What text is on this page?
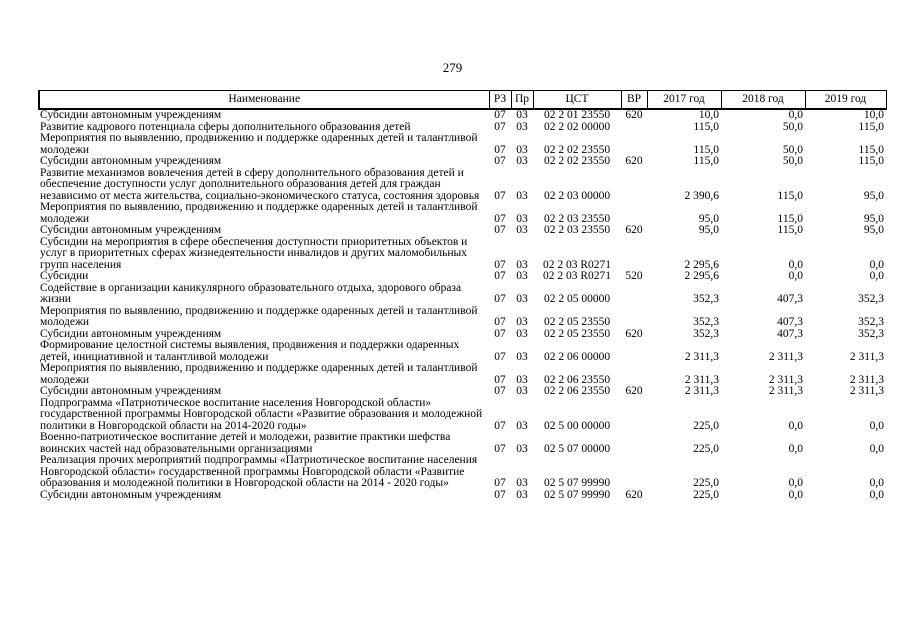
279
Наименование	РЗ	Пр	ЦСТ	ВР	2017 год	2018 год	2019 год
Субсидии автономным учреждениям	07	03	02 2 01 23550	620	10,0	0,0	10,0
Развитие кадрового потенциала сферы дополнительного образования детей	07	03	02 2 02 00000		115,0	50,0	115,0
Мероприятия по выявлению, продвижению и поддержке одаренных детей и талантливой молодежи	07	03	02 2 02 23550		115,0	50,0	115,0
Субсидии автономным учреждениям	07	03	02 2 02 23550	620	115,0	50,0	115,0
Развитие механизмов вовлечения детей в сферу дополнительного образования детей и обеспечение доступности услуг дополнительного образования детей для граждан независимо от места жительства, социально-экономического статуса, состояния здоровья	07	03	02 2 03 00000		2 390,6	115,0	95,0
Мероприятия по выявлению, продвижению и поддержке одаренных детей и талантливой молодежи	07	03	02 2 03 23550		95,0	115,0	95,0
Субсидии автономным учреждениям	07	03	02 2 03 23550	620	95,0	115,0	95,0
Субсидии на мероприятия в сфере обеспечения доступности приоритетных объектов и услуг в приоритетных сферах жизнедеятельности инвалидов и других маломобильных групп населения	07	03	02 2 03 R0271		2 295,6	0,0	0,0
Субсидии	07	03	02 2 03 R0271	520	2 295,6	0,0	0,0
Содействие в организации каникулярного образовательного отдыха, здорового образа жизни	07	03	02 2 05 00000		352,3	407,3	352,3
Мероприятия по выявлению, продвижению и поддержке одаренных детей и талантливой молодежи	07	03	02 2 05 23550		352,3	407,3	352,3
Субсидии автономным учреждениям	07	03	02 2 05 23550	620	352,3	407,3	352,3
Формирование целостной системы выявления, продвижения и поддержки одаренных детей, инициативной и талантливой молодежи	07	03	02 2 06 00000		2 311,3	2 311,3	2 311,3
Мероприятия по выявлению, продвижению и поддержке одаренных детей и талантливой молодежи	07	03	02 2 06 23550		2 311,3	2 311,3	2 311,3
Субсидии автономным учреждениям	07	03	02 2 06 23550	620	2 311,3	2 311,3	2 311,3
Подпрограмма «Патриотическое воспитание населения Новгородской области» государственной программы Новгородской области «Развитие образования и молодежной политики в Новгородской области на 2014-2020 годы»	07	03	02 5 00 00000		225,0	0,0	0,0
Военно-патриотическое воспитание детей и молодежи, развитие практики шефства воинских частей над образовательными организациями	07	03	02 5 07 00000		225,0	0,0	0,0
Реализация прочих мероприятий подпрограммы «Патриотическое воспитание населения Новгородской области» государственной программы Новгородской области «Развитие образования и молодежной политики в Новгородской области на 2014 - 2020 годы»	07	03	02 5 07 99990		225,0	0,0	0,0
Субсидии автономным учреждениям	07	03	02 5 07 99990	620	225,0	0,0	0,0
